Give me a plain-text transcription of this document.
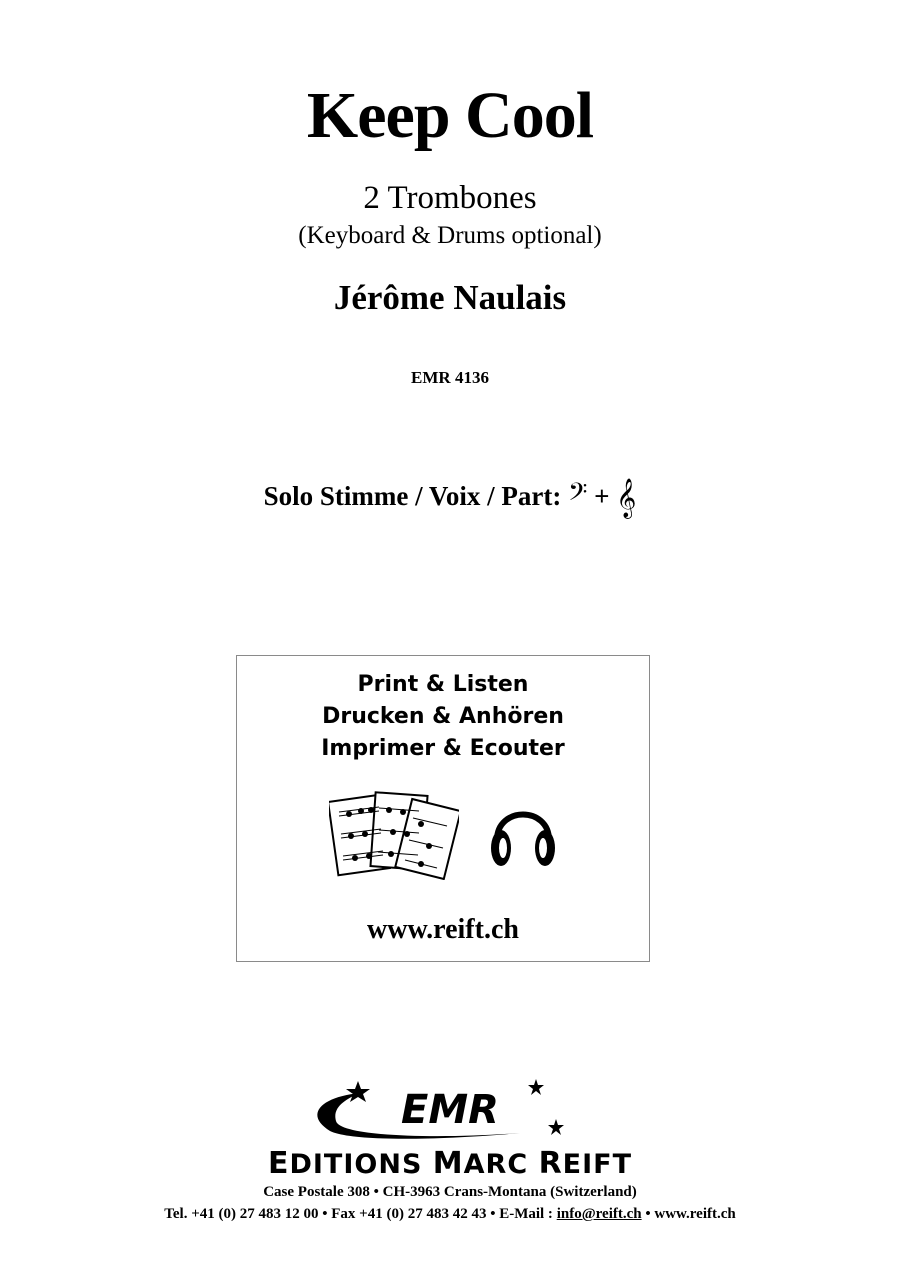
Keep Cool
2 Trombones
(Keyboard & Drums optional)
Jérôme Naulais
EMR 4136
Solo Stimme / Voix / Part: 𝄢 + 𝄞
Print & Listen
Drucken & Anhören
Imprimer & Ecouter
www.reift.ch
EMR
EDITIONS MARC REIFT
Case Postale 308 • CH-3963 Crans-Montana (Switzerland)
Tel. +41 (0) 27 483 12 00 • Fax +41 (0) 27 483 42 43 • E-Mail : info@reift.ch • www.reift.ch
